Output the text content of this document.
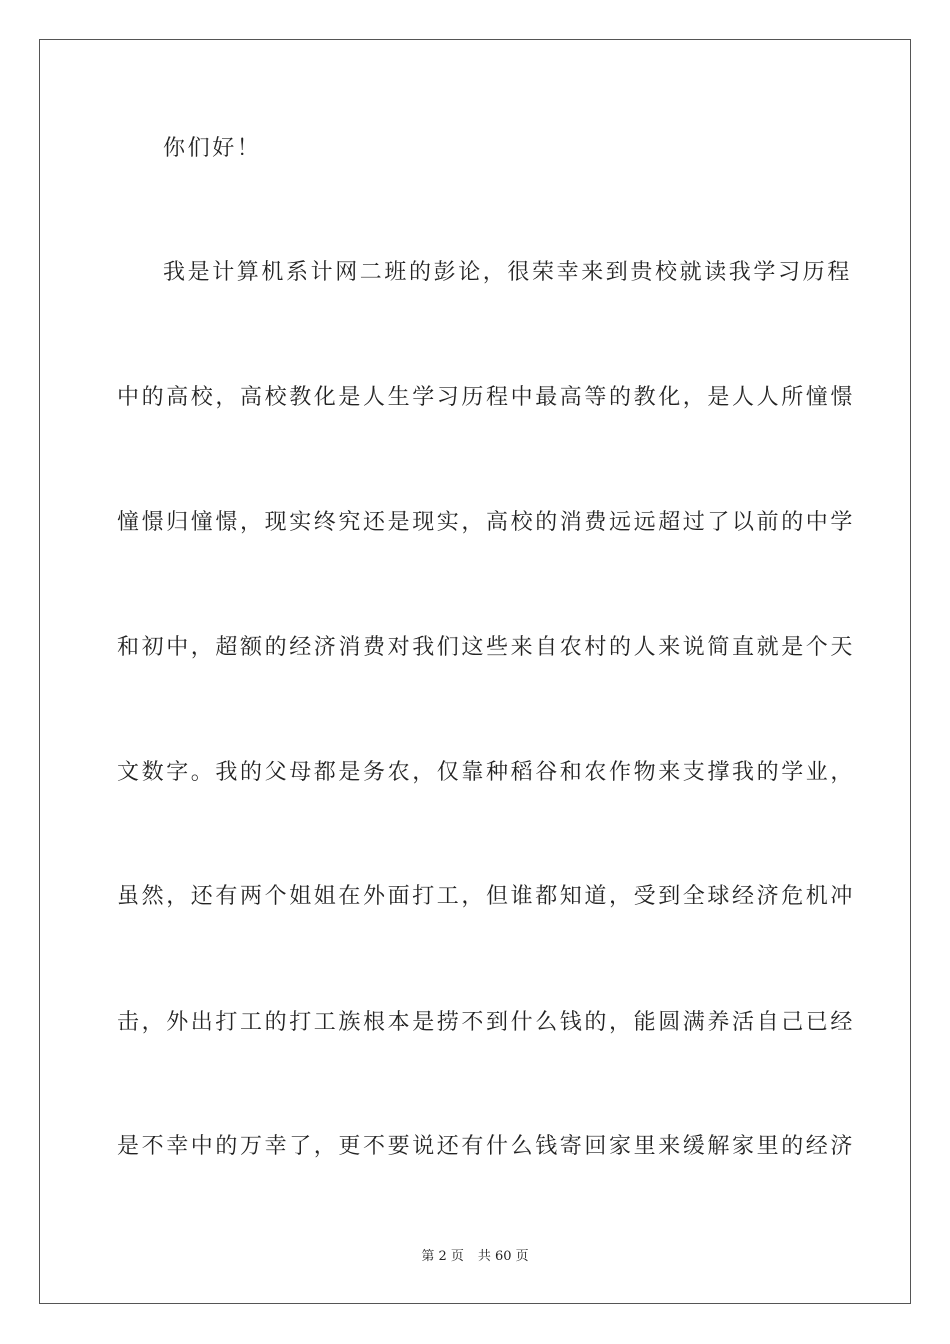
你们好！
我是计算机系计网二班的彭论，很荣幸来到贵校就读我学习历程
中的高校，高校教化是人生学习历程中最高等的教化，是人人所憧憬
憧憬归憧憬，现实终究还是现实，高校的消费远远超过了以前的中学
和初中，超额的经济消费对我们这些来自农村的人来说简直就是个天
文数字。我的父母都是务农，仅靠种稻谷和农作物来支撑我的学业，
虽然，还有两个姐姐在外面打工，但谁都知道，受到全球经济危机冲
击，外出打工的打工族根本是捞不到什么钱的，能圆满养活自己已经
是不幸中的万幸了，更不要说还有什么钱寄回家里来缓解家里的经济
第 2 页 共 60 页
